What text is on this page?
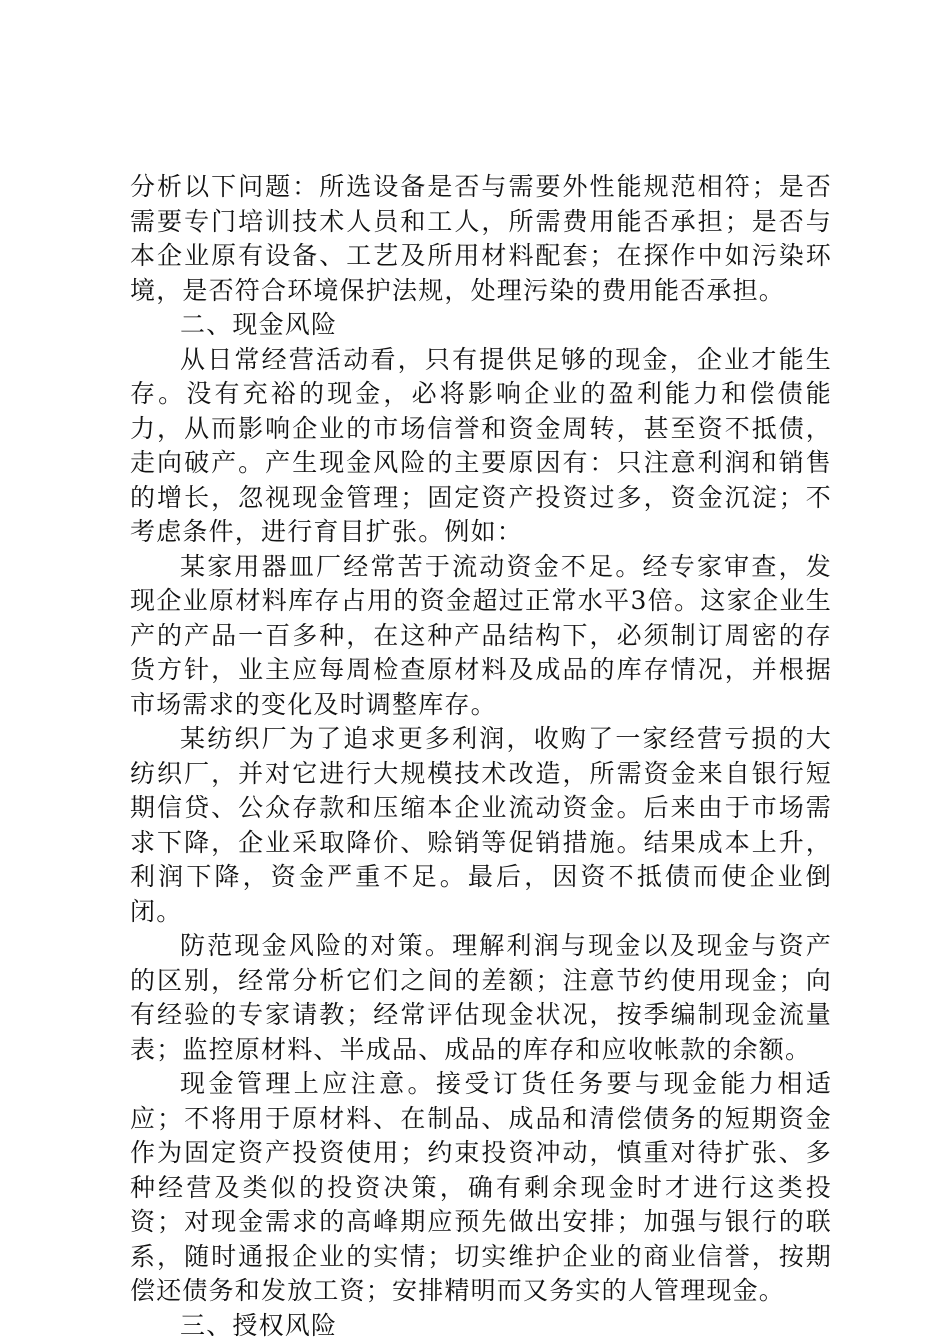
分析以下问题：所选设备是否与需要外性能规范相符；是否需要专门培训技术人员和工人，所需费用能否承担；是否与本企业原有设备、工艺及所用材料配套；在探作中如污染环境，是否符合环境保护法规，处理污染的费用能否承担。

二、现金风险

从日常经营活动看，只有提供足够的现金，企业才能生存。没有充裕的现金，必将影响企业的盈利能力和偿债能力，从而影响企业的市场信誉和资金周转，甚至资不抵债，走向破产。产生现金风险的主要原因有：只注意利润和销售的增长，忽视现金管理；固定资产投资过多，资金沉淀；不考虑条件，进行育目扩张。例如：

某家用器皿厂经常苦于流动资金不足。经专家审查，发现企业原材料库存占用的资金超过正常水平3倍。这家企业生产的产品一百多种，在这种产品结构下，必须制订周密的存货方针，业主应每周检查原材料及成品的库存情况，并根据市场需求的变化及时调整库存。

某纺织厂为了追求更多利润，收购了一家经营亏损的大纺织厂，并对它进行大规模技术改造，所需资金来自银行短期信贷、公众存款和压缩本企业流动资金。后来由于市场需求下降，企业采取降价、赊销等促销措施。结果成本上升，利润下降，资金严重不足。最后，因资不抵债而使企业倒闭。

防范现金风险的对策。理解利润与现金以及现金与资产的区别，经常分析它们之间的差额；注意节约使用现金；向有经验的专家请教；经常评估现金状况，按季编制现金流量表；监控原材料、半成品、成品的库存和应收帐款的余额。

现金管理上应注意。接受订货任务要与现金能力相适应；不将用于原材料、在制品、成品和清偿债务的短期资金作为固定资产投资使用；约束投资冲动，慎重对待扩张、多种经营及类似的投资决策，确有剩余现金时才进行这类投资；对现金需求的高峰期应预先做出安排；加强与银行的联系，随时通报企业的实情；切实维护企业的商业信誉，按期偿还债务和发放工资；安排精明而又务实的人管理现金。

三、授权风险
